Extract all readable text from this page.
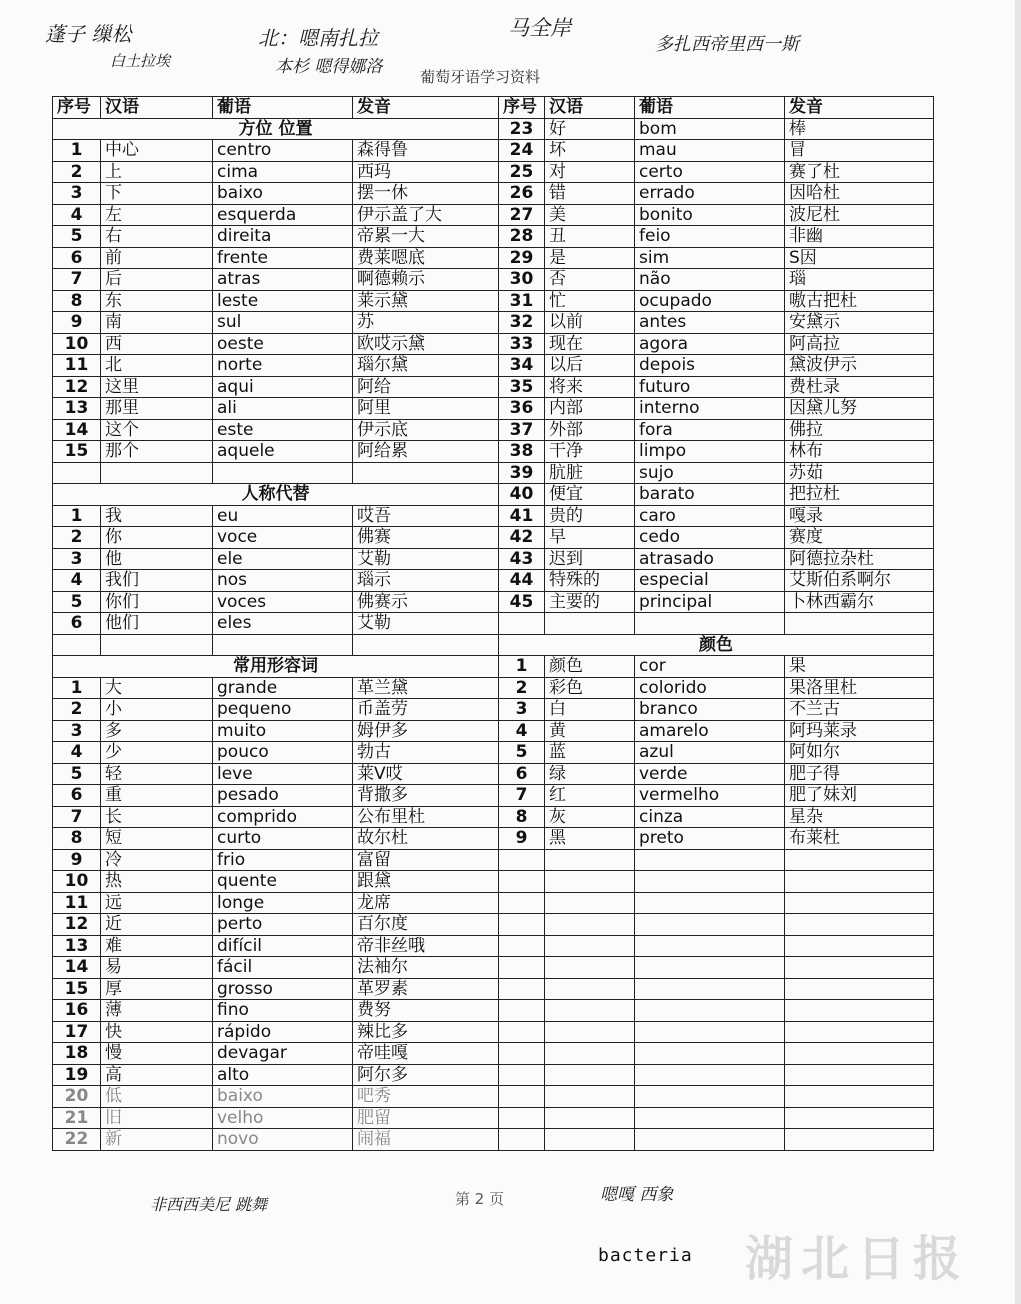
蓬子 缫松
白土拉埃
北：嗯南扎拉
本杉 嗯得娜洛
马全岸
多扎西帝里西一斯
葡萄牙语学习资料
序号	汉语	葡语	发音
方位 位置			
1	中心	centro	森得鲁
2	上	cima	西玛
3	下	baixo	摆一休
4	左	esquerda	伊示盖了大
5	右	direita	帝累一大
6	前	frente	费莱嗯底
7	后	atras	啊德赖示
8	东	leste	莱示黛
9	南	sul	苏
10	西	oeste	欧哎示黛
11	北	norte	瑙尔黛
12	这里	aqui	阿给
13	那里	ali	阿里
14	这个	este	伊示底
15	那个	aquele	阿给累

人称代替			
1	我	eu	哎吾
2	你	voce	佛赛
3	他	ele	艾勒
4	我们	nos	瑙示
5	你们	voces	佛赛示
6	他们	eles	艾勒

常用形容词			
1	大	grande	革兰黛
2	小	pequeno	币盖劳
3	多	muito	姆伊多
4	少	pouco	勃古
5	轻	leve	莱V哎
6	重	pesado	背撒多
7	长	comprido	公布里杜
8	短	curto	故尔杜
9	冷	frio	富留
10	热	quente	跟黛
11	远	longe	龙席
12	近	perto	百尔度
13	难	difícil	帝非丝哦
14	易	fácil	法袖尔
15	厚	grosso	革罗素
16	薄	fino	费努
17	快	rápido	辣比多
18	慢	devagar	帝哇嘎
19	高	alto	阿尔多
20	低	baixo	吧秀
21	旧	velho	肥留
22	新	novo	闹福
序号	汉语	葡语	发音
23	好	bom	棒
24	坏	mau	冒
25	对	certo	赛了杜
26	错	errado	因哈杜
27	美	bonito	波尼杜
28	丑	feio	非幽
29	是	sim	S因
30	否	não	瑙
31	忙	ocupado	嗷古把杜
32	以前	antes	安黛示
33	现在	agora	阿高拉
34	以后	depois	黛波伊示
35	将来	futuro	费杜录
36	内部	interno	因黛儿努
37	外部	fora	佛拉
38	干净	limpo	林布
39	肮脏	sujo	苏茹
40	便宜	barato	把拉杜
41	贵的	caro	嘎录
42	早	cedo	赛度
43	迟到	atrasado	阿德拉杂杜
44	特殊的	especial	艾斯伯系啊尔
45	主要的	principal	卜林西霸尔

颜色			
1	颜色	cor	果
2	彩色	colorido	果洛里杜
3	白	branco	不兰古
4	黄	amarelo	阿玛莱录
5	蓝	azul	阿如尔
6	绿	verde	肥子得
7	红	vermelho	肥了妹刘
8	灰	cinza	星杂
9	黑	preto	布莱杜

非西西美尼 跳舞	第 2 页	嗯嘎 西象
bacteria 湖北日报
